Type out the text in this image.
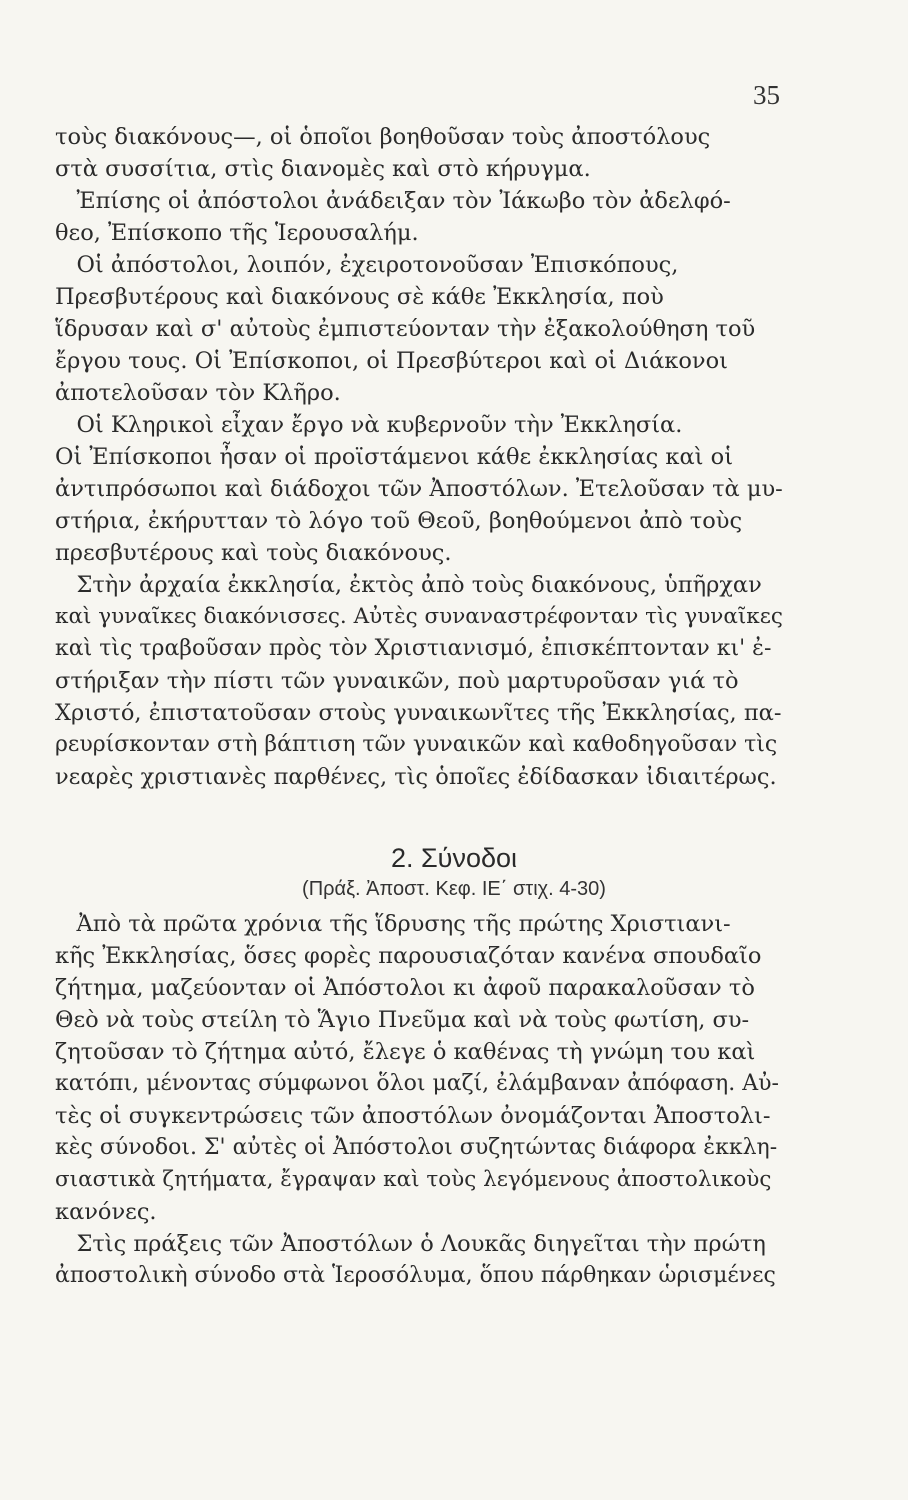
35
τοὺς διακόνους—, οἱ ὁποῖοι βοηθοῦσαν τοὺς ἀποστόλους
στὰ συσσίτια, στὶς διανομὲς καὶ στὸ κήρυγμα.
Ἐπίσης οἱ ἀπόστολοι ἀνάδειξαν τὸν Ἰάκωβο τὸν ἀδελφό-
θεο, Ἐπίσκοπο τῆς Ἱερουσαλήμ.
Οἱ ἀπόστολοι, λοιπόν, ἐχειροτονοῦσαν Ἐπισκόπους,
Πρεσβυτέρους καὶ διακόνους σὲ κάθε Ἐκκλησία, ποὺ
ἵδρυσαν καὶ σ' αὐτοὺς ἐμπιστεύονταν τὴν ἐξακολούθηση τοῦ
ἔργου τους. Οἱ Ἐπίσκοποι, οἱ Πρεσβύτεροι καὶ οἱ Διάκονοι
ἀποτελοῦσαν τὸν Κλῆρο.
Οἱ Κληρικοὶ εἶχαν ἔργο νὰ κυβερνοῦν τὴν Ἐκκλησία.
Οἱ Ἐπίσκοποι ἦσαν οἱ προϊστάμενοι κάθε ἐκκλησίας καὶ οἱ
ἀντιπρόσωποι καὶ διάδοχοι τῶν Ἀποστόλων. Ἐτελοῦσαν τὰ μυ-
στήρια, ἐκήρυτταν τὸ λόγο τοῦ Θεοῦ, βοηθούμενοι ἀπὸ τοὺς
πρεσβυτέρους καὶ τοὺς διακόνους.
Στὴν ἀρχαία ἐκκλησία, ἐκτὸς ἀπὸ τοὺς διακόνους, ὑπῆρχαν
καὶ γυναῖκες διακόνισσες. Αὐτὲς συναναστρέφονταν τὶς γυναῖκες
καὶ τὶς τραβοῦσαν πρὸς τὸν Χριστιανισμό, ἐπισκέπτονταν κι' ἐ-
στήριξαν τὴν πίστι τῶν γυναικῶν, ποὺ μαρτυροῦσαν γιά τὸ
Χριστό, ἐπιστατοῦσαν στοὺς γυναικωνῖτες τῆς Ἐκκλησίας, πα-
ρευρίσκονταν στὴ βάπτιση τῶν γυναικῶν καὶ καθοδηγοῦσαν τὶς
νεαρὲς χριστιανὲς παρθένες, τὶς ὁποῖες ἐδίδασκαν ἰδιαιτέρως.
2. Σύνοδοι
(Πράξ. Ἀποστ. Κεφ. ΙΕ΄ στιχ. 4-30)
Ἀπὸ τὰ πρῶτα χρόνια τῆς ἵδρυσης τῆς πρώτης Χριστιανι-
κῆς Ἐκκλησίας, ὅσες φορὲς παρουσιαζόταν κανένα σπουδαῖο
ζήτημα, μαζεύονταν οἱ Ἀπόστολοι κι ἀφοῦ παρακαλοῦσαν τὸ
Θεὸ νὰ τοὺς στείλη τὸ Ἅγιο Πνεῦμα καὶ νὰ τοὺς φωτίση, συ-
ζητοῦσαν τὸ ζήτημα αὐτό, ἔλεγε ὁ καθένας τὴ γνώμη του καὶ
κατόπι, μένοντας σύμφωνοι ὅλοι μαζί, ἐλάμβαναν ἀπόφαση. Αὐ-
τὲς οἱ συγκεντρώσεις τῶν ἀποστόλων ὀνομάζονται Ἀποστολι-
κὲς σύνοδοι. Σ' αὐτὲς οἱ Ἀπόστολοι συζητώντας διάφορα ἐκκλη-
σιαστικὰ ζητήματα, ἔγραψαν καὶ τοὺς λεγόμενους ἀποστολικοὺς
κανόνες.
Στὶς πράξεις τῶν Ἀποστόλων ὁ Λουκᾶς διηγεῖται τὴν πρώτη
ἀποστολικὴ σύνοδο στὰ Ἱεροσόλυμα, ὅπου πάρθηκαν ὡρισμένες
